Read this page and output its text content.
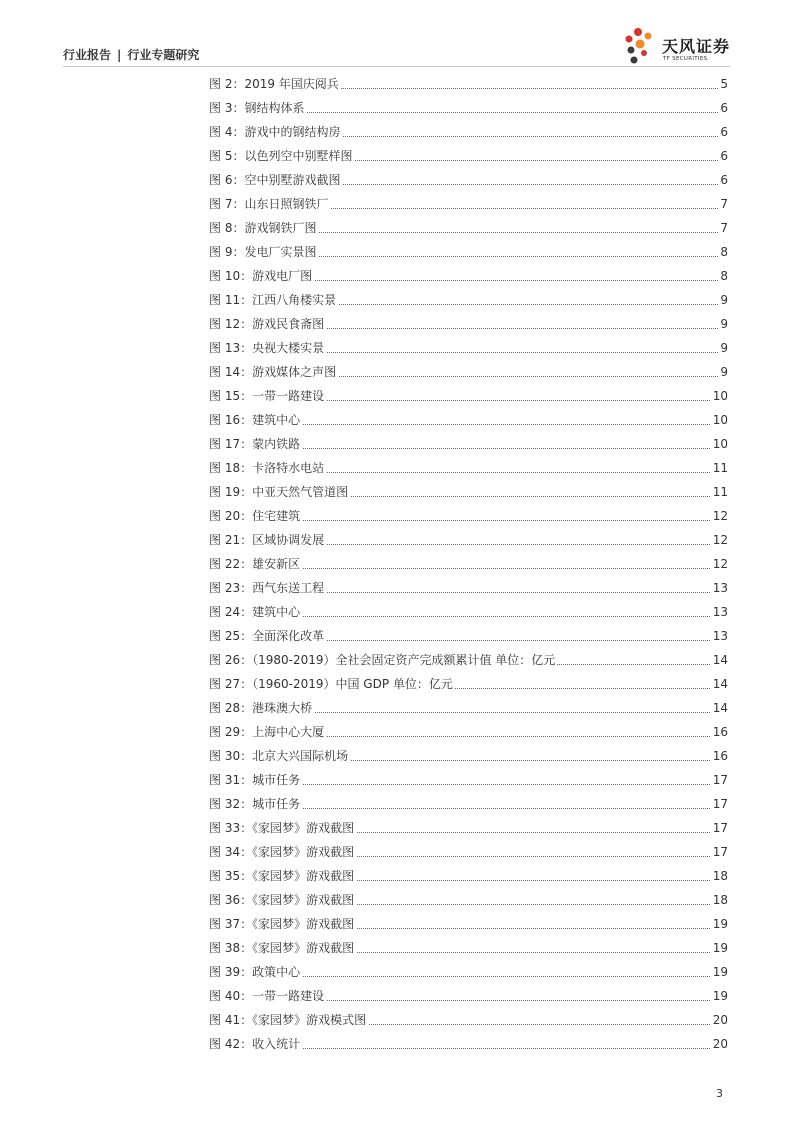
行业报告 | 行业专题研究	天风证券
TF SECURITIES
图 2：2019 年国庆阅兵	5
图 3：钢结构体系	6
图 4：游戏中的钢结构房	6
图 5：以色列空中别墅样图	6
图 6：空中别墅游戏截图	6
图 7：山东日照钢铁厂	7
图 8：游戏钢铁厂图	7
图 9：发电厂实景图	8
图 10：游戏电厂图	8
图 11：江西八角楼实景	9
图 12：游戏民食斋图	9
图 13：央视大楼实景	9
图 14：游戏媒体之声图	9
图 15：一带一路建设	10
图 16：建筑中心	10
图 17：蒙内铁路	10
图 18：卡洛特水电站	11
图 19：中亚天然气管道图	11
图 20：住宅建筑	12
图 21：区域协调发展	12
图 22：雄安新区	12
图 23：西气东送工程	13
图 24：建筑中心	13
图 25：全面深化改革	13
图 26：（1980-2019）全社会固定资产完成额累计值 单位：亿元	14
图 27：（1960-2019）中国 GDP 单位：亿元	14
图 28：港珠澳大桥	14
图 29：上海中心大厦	16
图 30：北京大兴国际机场	16
图 31：城市任务	17
图 32：城市任务	17
图 33：《家园梦》游戏截图	17
图 34：《家园梦》游戏截图	17
图 35：《家园梦》游戏截图	18
图 36：《家园梦》游戏截图	18
图 37：《家园梦》游戏截图	19
图 38：《家园梦》游戏截图	19
图 39：政策中心	19
图 40：一带一路建设	19
图 41：《家园梦》游戏模式图	20
图 42：收入统计	20
3
